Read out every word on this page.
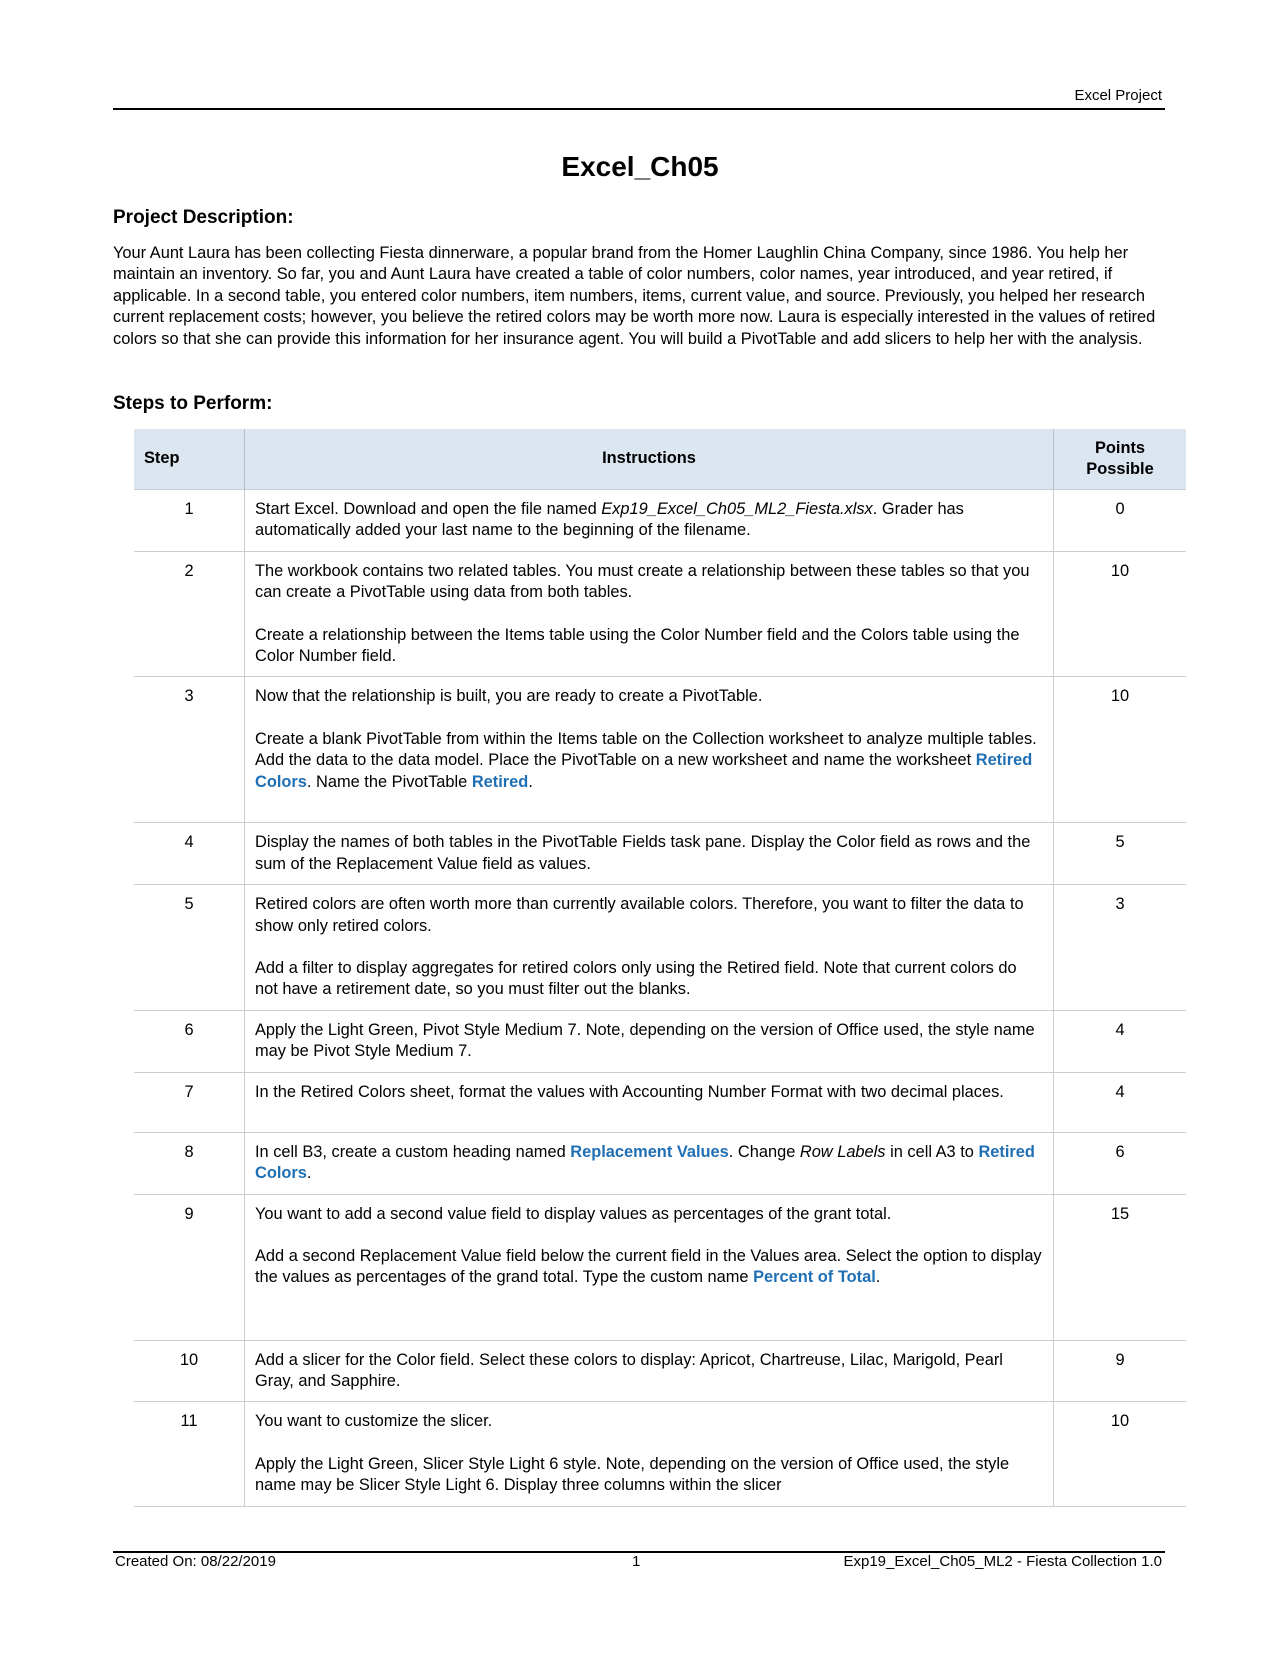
Excel Project
Excel_Ch05
Project Description:
Your Aunt Laura has been collecting Fiesta dinnerware, a popular brand from the Homer Laughlin China Company, since 1986. You help her maintain an inventory. So far, you and Aunt Laura have created a table of color numbers, color names, year introduced, and year retired, if applicable. In a second table, you entered color numbers, item numbers, items, current value, and source. Previously, you helped her research current replacement costs; however, you believe the retired colors may be worth more now. Laura is especially interested in the values of retired colors so that she can provide this information for her insurance agent. You will build a PivotTable and add slicers to help her with the analysis.
Steps to Perform:
Step	Instructions	Points Possible
1	Start Excel. Download and open the file named Exp19_Excel_Ch05_ML2_Fiesta.xlsx. Grader has automatically added your last name to the beginning of the filename.	0
2	The workbook contains two related tables. You must create a relationship between these tables so that you can create a PivotTable using data from both tables.

Create a relationship between the Items table using the Color Number field and the Colors table using the Color Number field.	10
3	Now that the relationship is built, you are ready to create a PivotTable.

Create a blank PivotTable from within the Items table on the Collection worksheet to analyze multiple tables. Add the data to the data model. Place the PivotTable on a new worksheet and name the worksheet Retired Colors. Name the PivotTable Retired.	10
4	Display the names of both tables in the PivotTable Fields task pane. Display the Color field as rows and the sum of the Replacement Value field as values.	5
5	Retired colors are often worth more than currently available colors. Therefore, you want to filter the data to show only retired colors.

Add a filter to display aggregates for retired colors only using the Retired field. Note that current colors do not have a retirement date, so you must filter out the blanks.	3
6	Apply the Light Green, Pivot Style Medium 7. Note, depending on the version of Office used, the style name may be Pivot Style Medium 7.	4
7	In the Retired Colors sheet, format the values with Accounting Number Format with two decimal places.	4
8	In cell B3, create a custom heading named Replacement Values. Change Row Labels in cell A3 to Retired Colors.	6
9	You want to add a second value field to display values as percentages of the grant total.

Add a second Replacement Value field below the current field in the Values area. Select the option to display the values as percentages of the grand total. Type the custom name Percent of Total.	15
10	Add a slicer for the Color field. Select these colors to display: Apricot, Chartreuse, Lilac, Marigold, Pearl Gray, and Sapphire.	9
11	You want to customize the slicer.

Apply the Light Green, Slicer Style Light 6 style. Note, depending on the version of Office used, the style name may be Slicer Style Light 6. Display three columns within the slicer	10
Created On: 08/22/2019	1	Exp19_Excel_Ch05_ML2 - Fiesta Collection 1.0
